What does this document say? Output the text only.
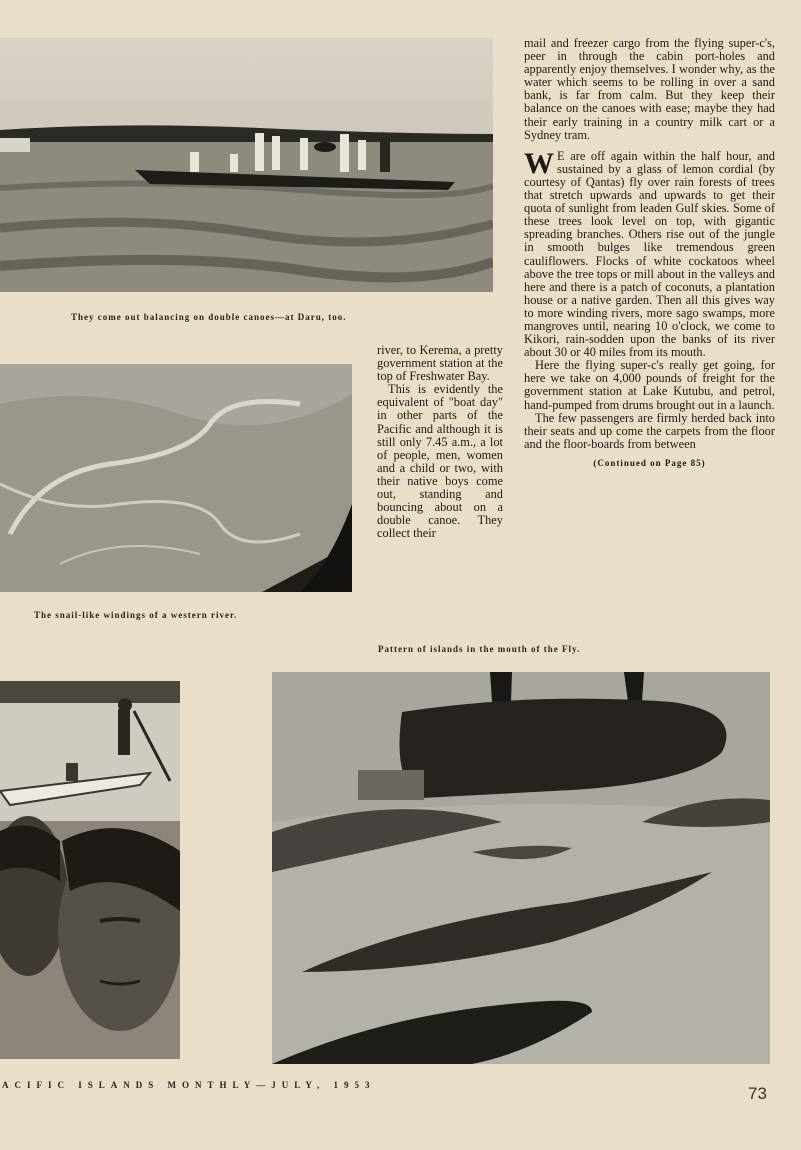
They come out balancing on double canoes—at Daru, too.
The snail-like windings of a western river.

river, to Kerema, a pretty government station at the top of Freshwater Bay.

This is evidently the equivalent of "boat day" in other parts of the Pacific and although it is still only 7.45 a.m., a lot of people, men, women and a child or two, with their native boys come out, standing and bouncing about on a double canoe. They collect their

mail and freezer cargo from the flying super-c's, peer in through the cabin port-holes and apparently enjoy themselves. I wonder why, as the water which seems to be rolling in over a sand bank, is far from calm. But they keep their balance on the canoes with ease; maybe they had their early training in a country milk cart or a Sydney tram.

W E are off again within the half hour, and sustained by a glass of lemon cordial (by courtesy of Qantas) fly over rain forests of trees that stretch upwards and upwards to get their quota of sunlight from leaden Gulf skies. Some of these trees look level on top, with gigantic spreading branches. Others rise out of the jungle in smooth bulges like tremendous green cauliflowers. Flocks of white cockatoos wheel above the tree tops or mill about in the valleys and here and there is a patch of coconuts, a plantation house or a native garden. Then all this gives way to more winding rivers, more sago swamps, more mangroves until, nearing 10 o'clock, we come to Kikori, rain-sodden upon the banks of its river about 30 or 40 miles from its mouth.

Here the flying super-c's really get going, for here we take on 4,000 pounds of freight for the government station at Lake Kutubu, and petrol, hand-pumped from drums brought out in a launch.

The few passengers are firmly herded back into their seats and up come the carpets from the floor and the floor-boards from between

(Continued on Page 85)
Pattern of islands in the mouth of the Fly.
ACIFIC ISLANDS MONTHLY—JULY, 1953	73
